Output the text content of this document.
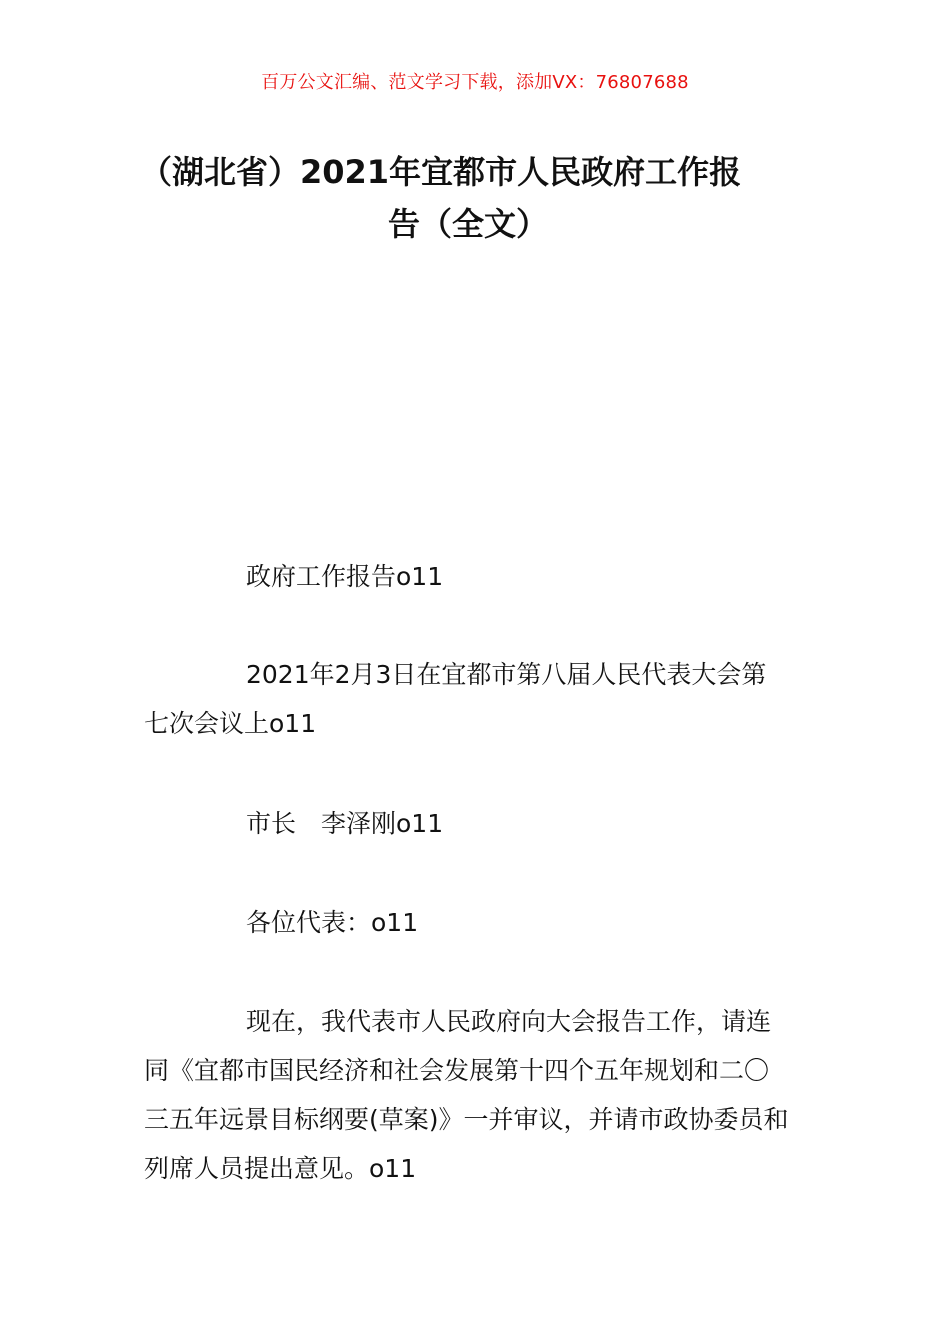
百万公文汇编、范文学习下载，添加VX：76807688
（湖北省）2021年宜都市人民政府工作报
告（全文）
政府工作报告o11
2021年2月3日在宜都市第八届人民代表大会第
七次会议上o11
市长　李泽刚o11
各位代表：o11
现在，我代表市人民政府向大会报告工作，请连
同《宜都市国民经济和社会发展第十四个五年规划和二〇
三五年远景目标纲要(草案)》一并审议，并请市政协委员和
列席人员提出意见。o11
